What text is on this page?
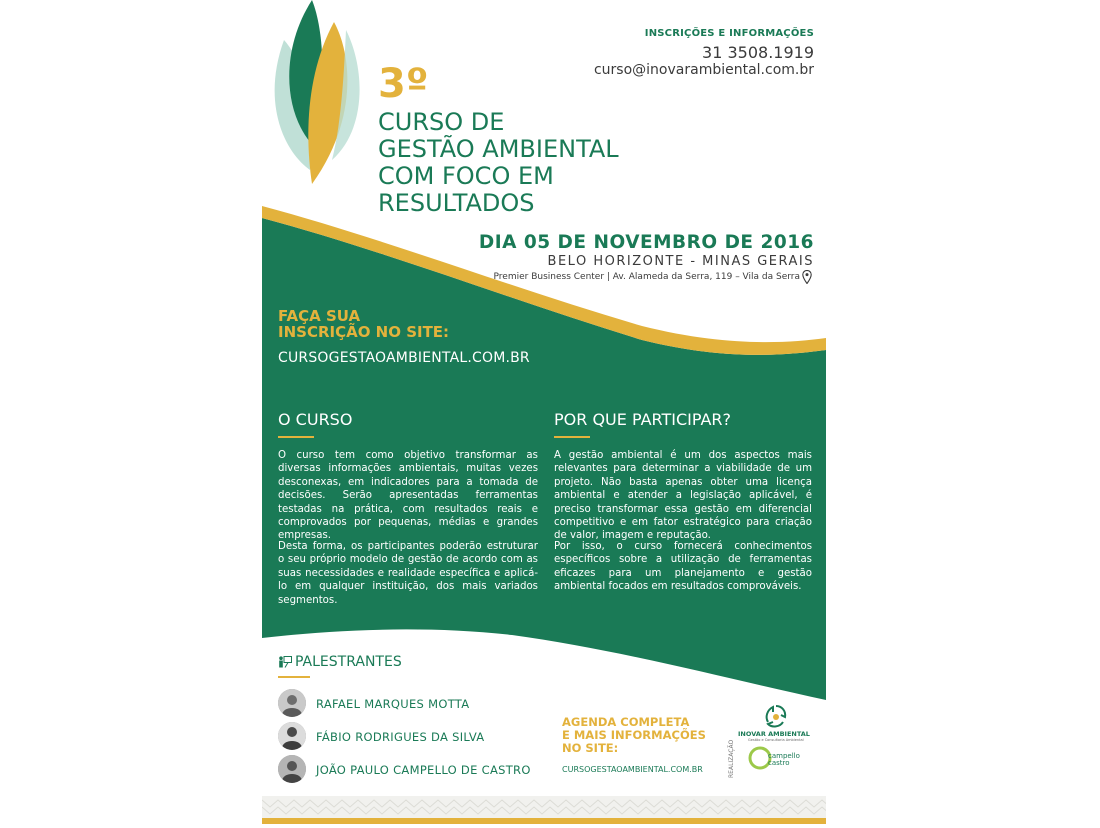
INSCRIÇÕES E INFORMAÇÕES
31 3508.1919
curso@inovarambiental.com.br
3º
CURSO DE
GESTÃO AMBIENTAL
COM FOCO EM
RESULTADOS
DIA 05 DE NOVEMBRO DE 2016
BELO HORIZONTE - MINAS GERAIS
Premier Business Center | Av. Alameda da Serra, 119 – Vila da Serra
FAÇA SUA
INSCRIÇÃO NO SITE:
CURSOGESTAOAMBIENTAL.COM.BR
O CURSO
O curso tem como objetivo transformar as diversas informações ambientais, muitas vezes desconexas, em indicadores para a tomada de decisões. Serão apresentadas ferramentas testadas na prática, com resultados reais e comprovados por pequenas, médias e grandes empresas.
Desta forma, os participantes poderão estruturar o seu próprio modelo de gestão de acordo com as suas necessidades e realidade específica e aplicá-lo em qualquer instituição, dos mais variados segmentos.
POR QUE PARTICIPAR?
A gestão ambiental é um dos aspectos mais relevantes para determinar a viabilidade de um projeto. Não basta apenas obter uma licença ambiental e atender a legislação aplicável, é preciso transformar essa gestão em diferencial competitivo e em fator estratégico para criação de valor, imagem e reputação.
Por isso, o curso fornecerá conhecimentos específicos sobre a utilização de ferramentas eficazes para um planejamento e gestão ambiental focados em resultados comprováveis.
PALESTRANTES
RAFAEL MARQUES MOTTA
FÁBIO RODRIGUES DA SILVA
JOÃO PAULO CAMPELLO DE CASTRO
AGENDA COMPLETA
E MAIS INFORMAÇÕES
NO SITE:
CURSOGESTAOAMBIENTAL.COM.BR	REALIZAÇÃO
INOVAR AMBIENTAL
Gestão e Consultoria Ambiental
campello
castro
